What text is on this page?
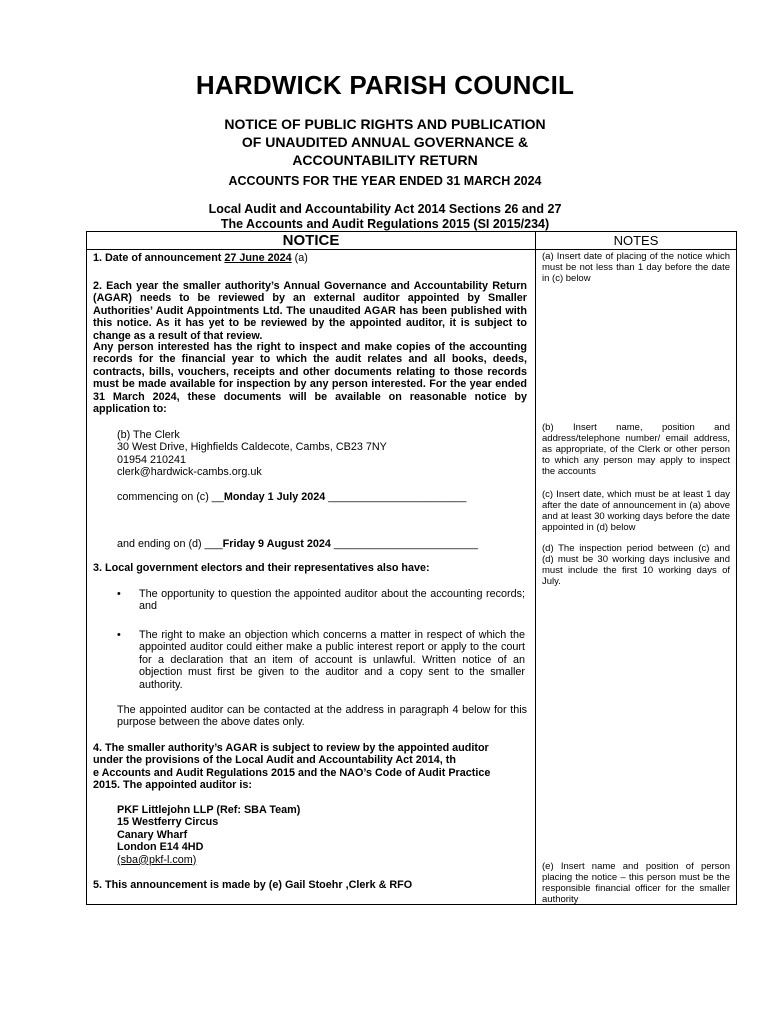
HARDWICK PARISH COUNCIL
NOTICE OF PUBLIC RIGHTS AND PUBLICATION
OF UNAUDITED ANNUAL GOVERNANCE &
ACCOUNTABILITY RETURN
ACCOUNTS FOR THE YEAR ENDED 31 MARCH 2024
Local Audit and Accountability Act 2014 Sections 26 and 27
The Accounts and Audit Regulations 2015 (SI 2015/234)
NOTICE	NOTES
1. Date of announcement 27 June 2024 (a)
2. Each year the smaller authority’s Annual Governance and Accountability Return (AGAR) needs to be reviewed by an external auditor appointed by Smaller Authorities’ Audit Appointments Ltd. The unaudited AGAR has been published with this notice. As it has yet to be reviewed by the appointed auditor, it is subject to change as a result of that review.
Any person interested has the right to inspect and make copies of the accounting records for the financial year to which the audit relates and all books, deeds, contracts, bills, vouchers, receipts and other documents relating to those records must be made available for inspection by any person interested. For the year ended 31 March 2024, these documents will be available on reasonable notice by application to:
(b) The Clerk
30 West Drive, Highfields Caldecote, Cambs, CB23 7NY
01954 210241
clerk@hardwick-cambs.org.uk
commencing on (c) __Monday 1 July 2024 _______________________
and ending on (d) ___Friday 9 August 2024 ________________________
3. Local government electors and their representatives also have:
• The opportunity to question the appointed auditor about the accounting records; and
• The right to make an objection which concerns a matter in respect of which the appointed auditor could either make a public interest report or apply to the court for a declaration that an item of account is unlawful. Written notice of an objection must first be given to the auditor and a copy sent to the smaller authority.
The appointed auditor can be contacted at the address in paragraph 4 below for this purpose between the above dates only.
4. The smaller authority’s AGAR is subject to review by the appointed auditor
under the provisions of the Local Audit and Accountability Act 2014, th
e Accounts and Audit Regulations 2015 and the NAO’s Code of Audit Practice
2015. The appointed auditor is:
PKF Littlejohn LLP (Ref: SBA Team)
15 Westferry Circus
Canary Wharf
London E14 4HD
(sba@pkf-l.com)
5. This announcement is made by (e) Gail Stoehr ,Clerk & RFO
(a) Insert date of placing of the notice which must be not less than 1 day before the date in (c) below
(b) Insert name, position and address/telephone number/ email address, as appropriate, of the Clerk or other person to which any person may apply to inspect the accounts
(c) Insert date, which must be at least 1 day after the date of announcement in (a) above and at least 30 working days before the date appointed in (d) below
(d) The inspection period between (c) and (d) must be 30 working days inclusive and must include the first 10 working days of July.
(e) Insert name and position of person placing the notice – this person must be the responsible financial officer for the smaller authority
